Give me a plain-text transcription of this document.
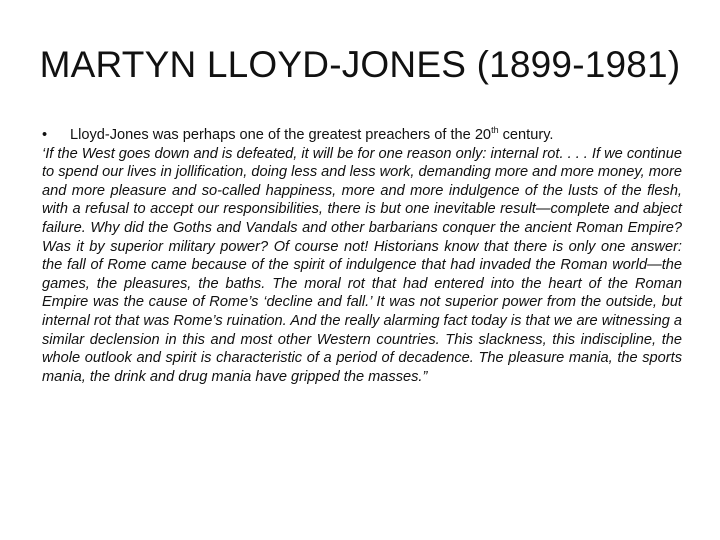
MARTYN LLOYD-JONES (1899-1981)

•	Lloyd-Jones was perhaps one of the greatest preachers of the 20th century.

‘If the West goes down and is defeated, it will be for one reason only: internal rot. . . . If we continue to spend our lives in jollification, doing less and less work, demanding more and more money, more and more pleasure and so-called happiness, more and more indulgence of the lusts of the flesh, with a refusal to accept our responsibilities, there is but one inevitable result—complete and abject failure. Why did the Goths and Vandals and other barbarians conquer the ancient Roman Empire? Was it by superior military power? Of course not! Historians know that there is only one answer: the fall of Rome came because of the spirit of indulgence that had invaded the Roman world—the games, the pleasures, the baths. The moral rot that had entered into the heart of the Roman Empire was the cause of Rome’s ‘decline and fall.’ It was not superior power from the outside, but internal rot that was Rome’s ruination. And the really alarming fact today is that we are witnessing a similar declension in this and most other Western countries. This slackness, this indiscipline, the whole outlook and spirit is characteristic of a period of decadence. The pleasure mania, the sports mania, the drink and drug mania have gripped the masses.”
